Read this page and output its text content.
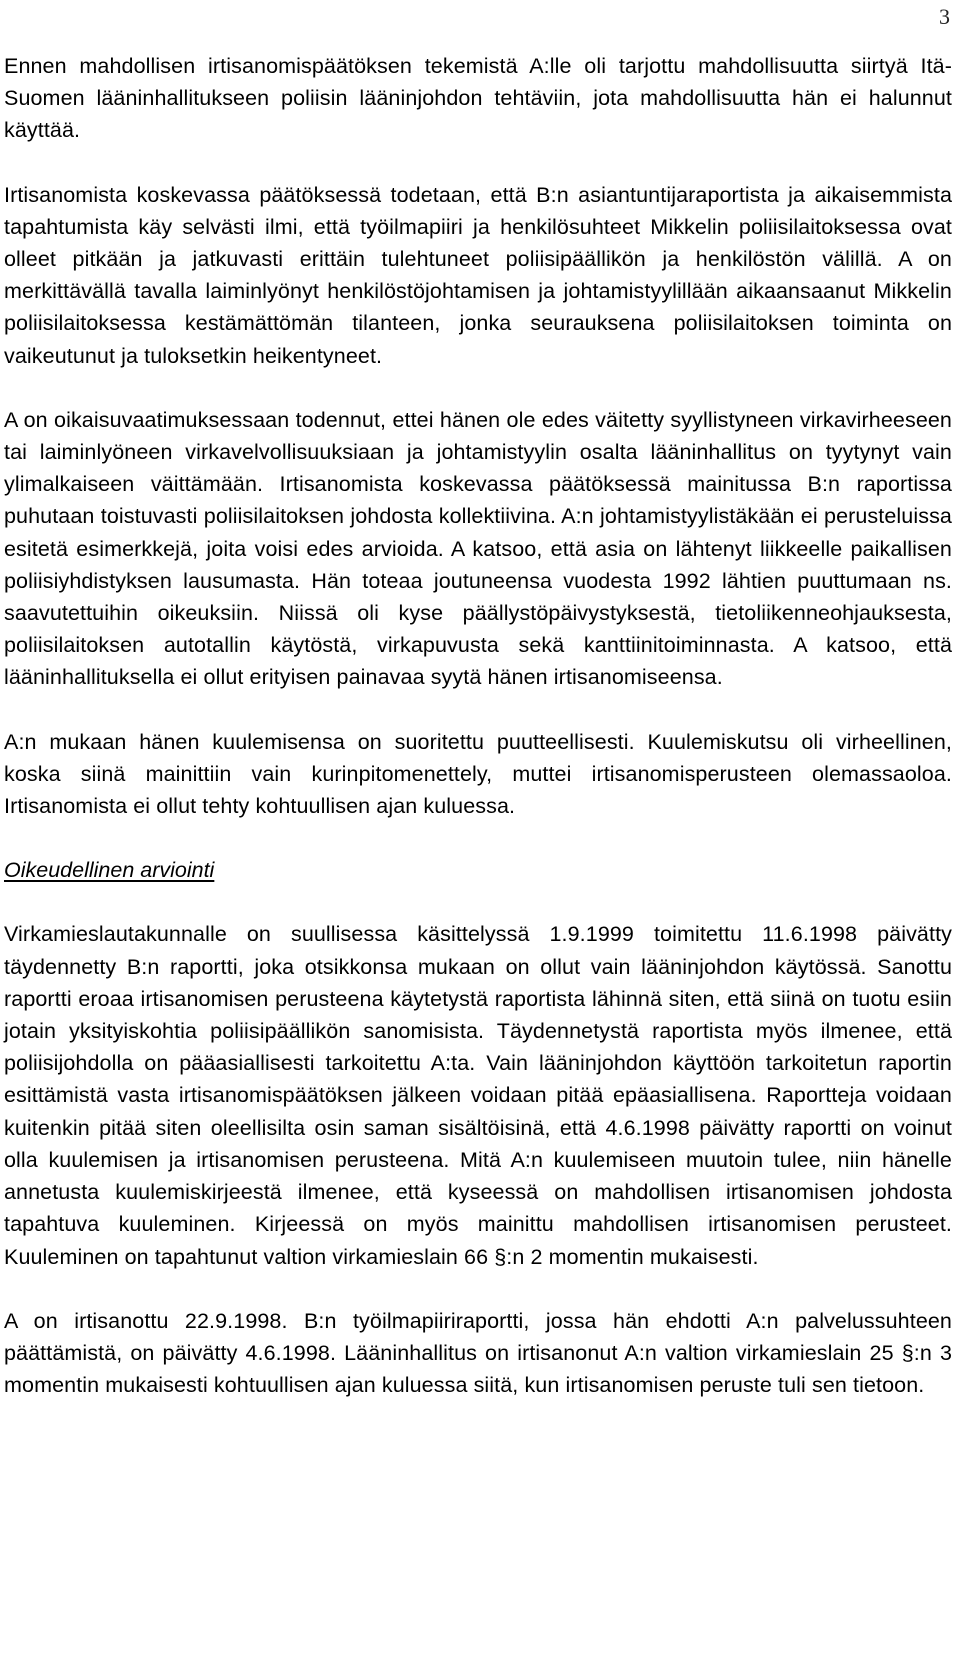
3

Ennen mahdollisen irtisanomispäätöksen tekemistä A:lle oli tarjottu mahdollisuutta siirtyä Itä-Suomen lääninhallitukseen poliisin lääninjohdon tehtäviin, jota mahdollisuutta hän ei halunnut käyttää.

Irtisanomista koskevassa päätöksessä todetaan, että B:n asiantuntijaraportista ja aikaisemmista tapahtumista käy selvästi ilmi, että työilmapiiri ja henkilösuhteet Mikkelin poliisilaitoksessa ovat olleet pitkään ja jatkuvasti erittäin tulehtuneet poliisipäällikön ja henkilöstön välillä. A on merkittävällä tavalla laiminlyönyt henkilöstöjohtamisen ja johtamistyylillään aikaansaanut Mikkelin poliisilaitoksessa kestämättömän tilanteen, jonka seurauksena poliisilaitoksen toiminta on vaikeutunut ja tuloksetkin heikentyneet.

A on oikaisuvaatimuksessaan todennut, ettei hänen ole edes väitetty syyllistyneen virkavirheeseen tai laiminlyöneen virkavelvollisuuksiaan ja johtamistyylin osalta lääninhallitus on tyytynyt vain ylimalkaiseen väittämään. Irtisanomista koskevassa päätöksessä mainitussa B:n raportissa puhutaan toistuvasti poliisilaitoksen johdosta kollektiivina. A:n johtamistyylistäkään ei perusteluissa esitetä esimerkkejä, joita voisi edes arvioida. A katsoo, että asia on lähtenyt liikkeelle paikallisen poliisiyhdistyksen lausumasta. Hän toteaa joutuneensa vuodesta 1992 lähtien puuttumaan ns. saavutettuihin oikeuksiin. Niissä oli kyse päällystöpäivystyksestä, tietoliikenneohjauksesta, poliisilaitoksen autotallin käytöstä, virkapuvusta sekä kanttiinitoiminnasta. A katsoo, että lääninhallituksella ei ollut erityisen painavaa syytä hänen irtisanomiseensa.

A:n mukaan hänen kuulemisensa on suoritettu puutteellisesti. Kuulemiskutsu oli virheellinen, koska siinä mainittiin vain kurinpitomenettely, muttei irtisanomisperusteen olemassaoloa. Irtisanomista ei ollut tehty kohtuullisen ajan kuluessa.

Oikeudellinen arviointi

Virkamieslautakunnalle on suullisessa käsittelyssä 1.9.1999 toimitettu 11.6.1998 päivätty täydennetty B:n raportti, joka otsikkonsa mukaan on ollut vain lääninjohdon käytössä. Sanottu raportti eroaa irtisanomisen perusteena käytetystä raportista lähinnä siten, että siinä on tuotu esiin jotain yksityiskohtia poliisipäällikön sanomisista. Täydennetystä raportista myös ilmenee, että poliisijohdolla on pääasiallisesti tarkoitettu A:ta. Vain lääninjohdon käyttöön tarkoitetun raportin esittämistä vasta irtisanomispäätöksen jälkeen voidaan pitää epäasiallisena. Raportteja voidaan kuitenkin pitää siten oleellisilta osin saman sisältöisinä, että 4.6.1998 päivätty raportti on voinut olla kuulemisen ja irtisanomisen perusteena. Mitä A:n kuulemiseen muutoin tulee, niin hänelle annetusta kuulemiskirjeestä ilmenee, että kyseessä on mahdollisen irtisanomisen johdosta tapahtuva kuuleminen. Kirjeessä on myös mainittu mahdollisen irtisanomisen perusteet. Kuuleminen on tapahtunut valtion virkamieslain 66 §:n 2 momentin mukaisesti.

A on irtisanottu 22.9.1998. B:n työilmapiiriraportti, jossa hän ehdotti A:n palvelussuhteen päättämistä, on päivätty 4.6.1998. Lääninhallitus on irtisanonut A:n valtion virkamieslain 25 §:n 3 momentin mukaisesti kohtuullisen ajan kuluessa siitä, kun irtisanomisen peruste tuli sen tietoon.
